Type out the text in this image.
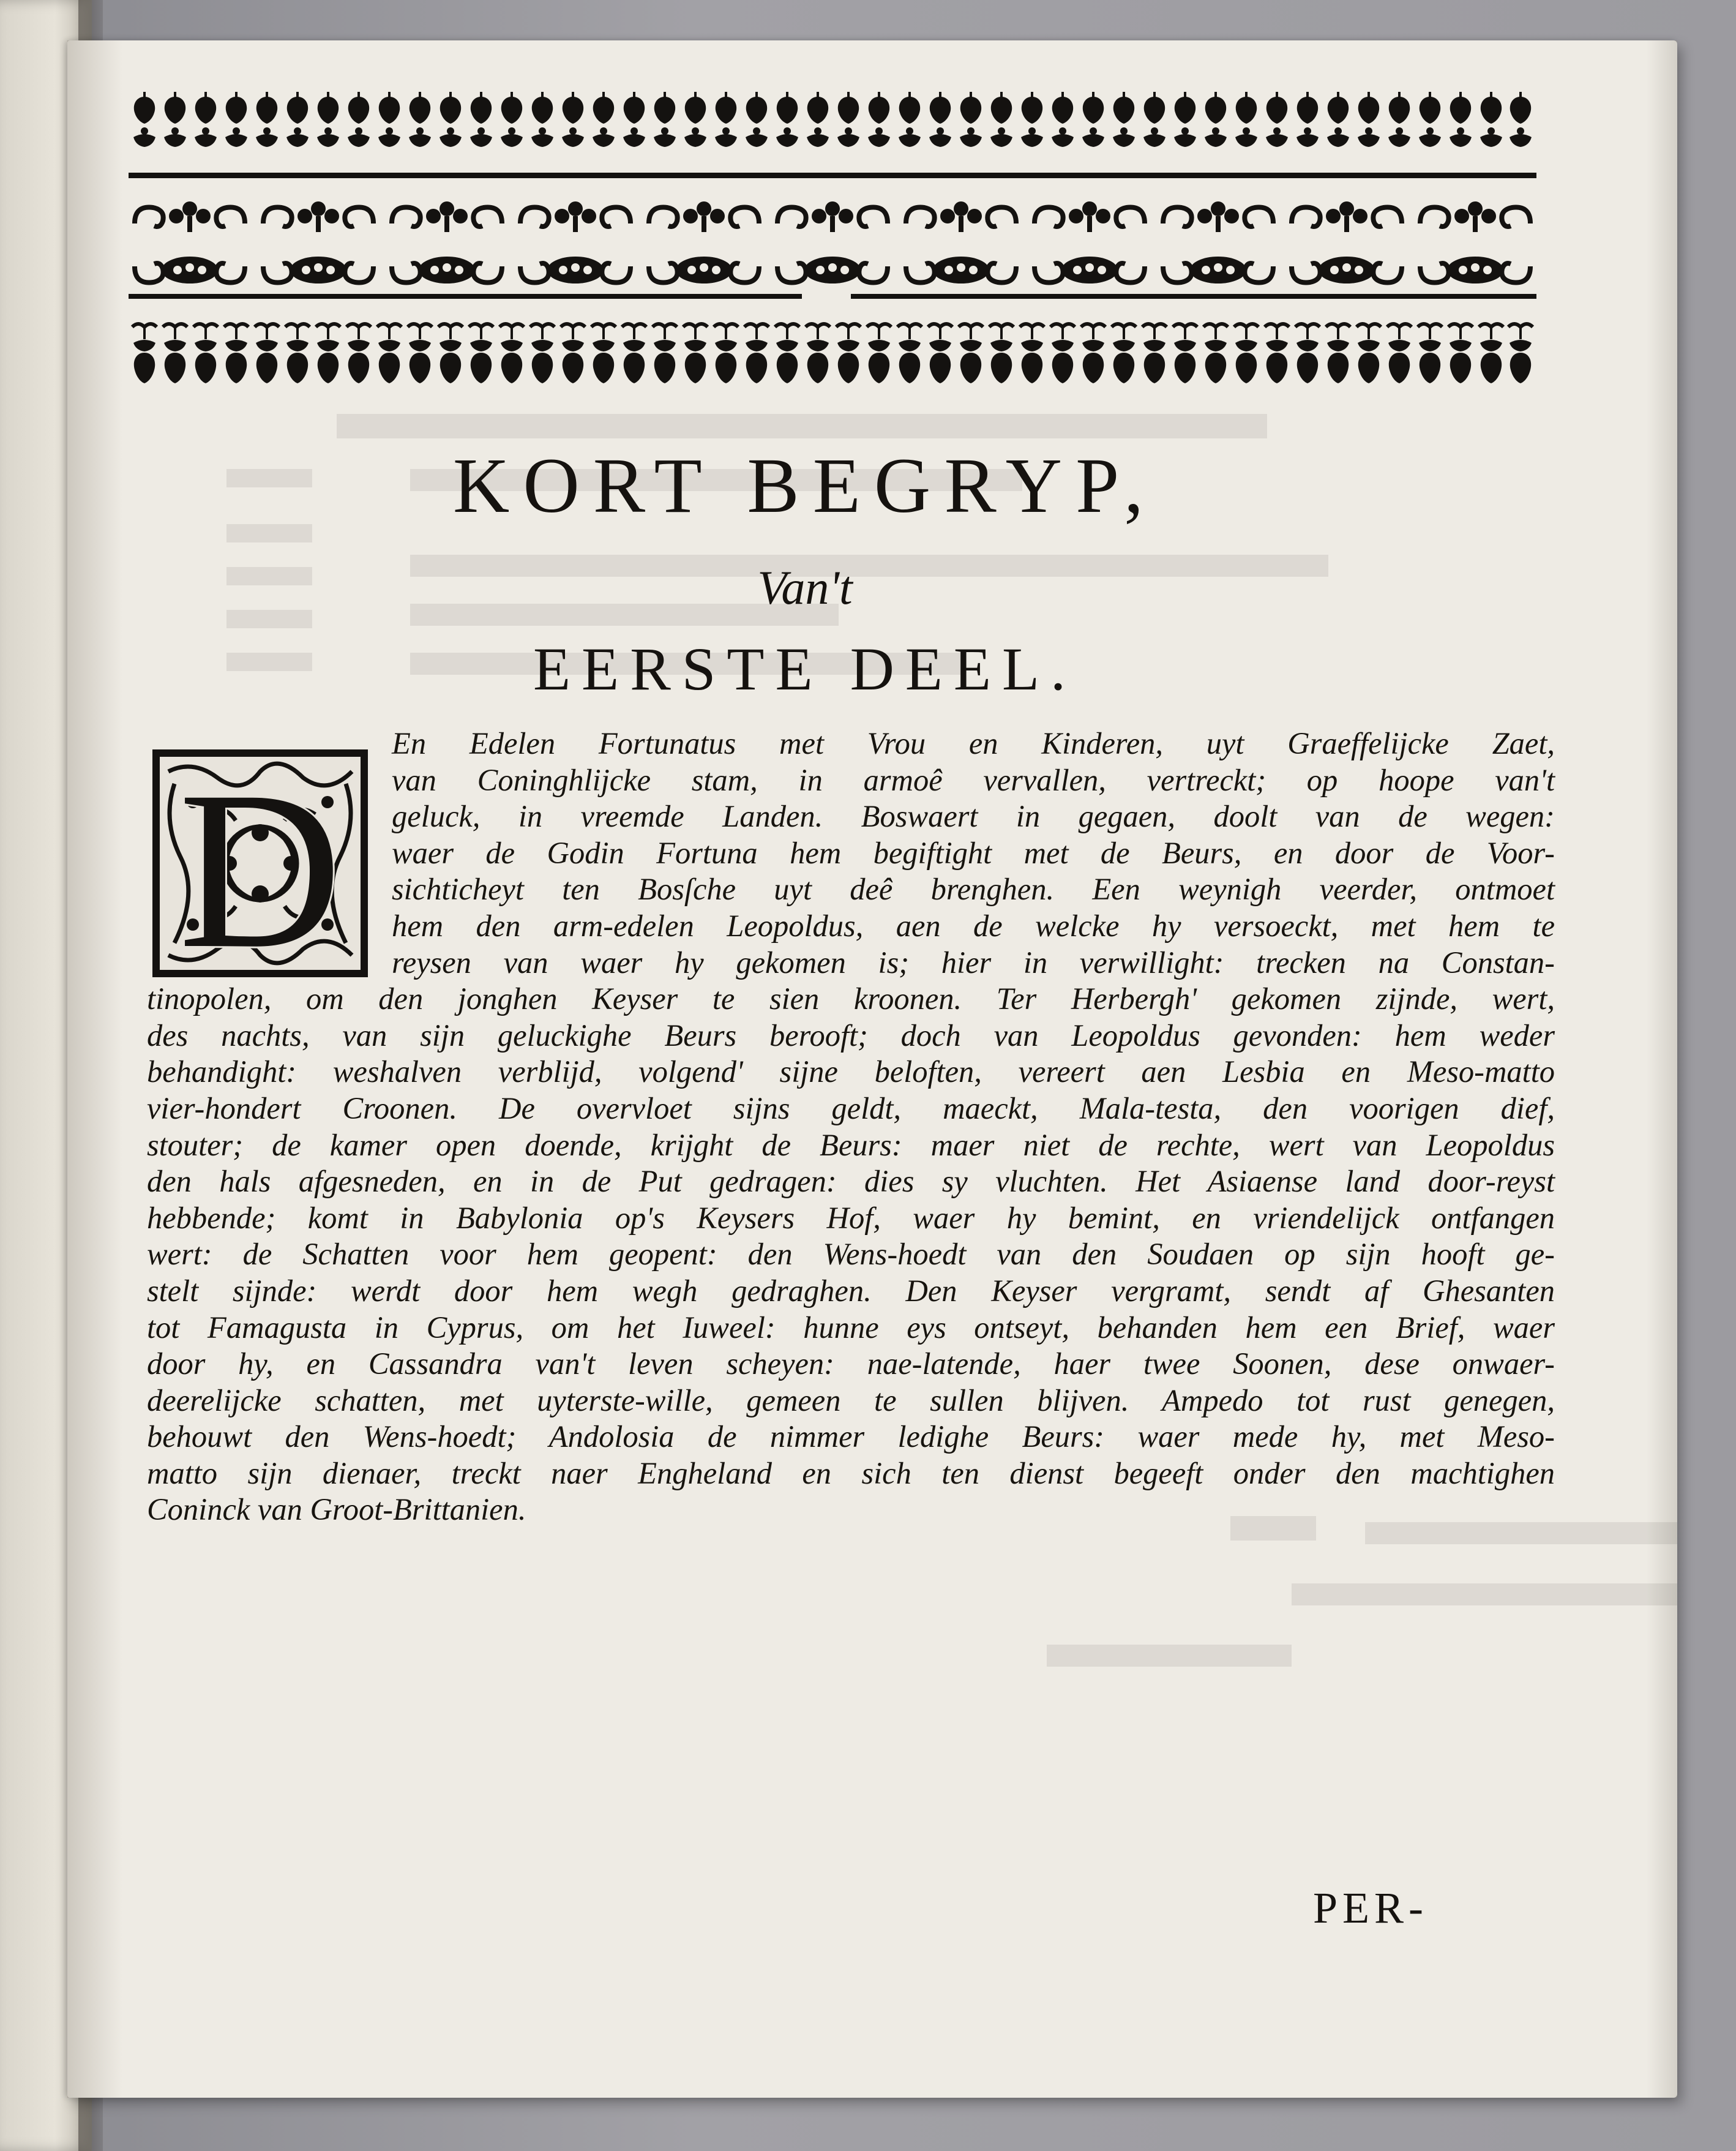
KORT BEGRYP,
Van't
EERSTE DEEL.
D
En Edelen Fortunatus met Vrou en Kinderen, uyt Graeffelijcke Zaet,
van Coninghlijcke stam, in armoê vervallen, vertreckt; op hoope van't
geluck, in vreemde Landen. Boswaert in gegaen, doolt van de wegen:
waer de Godin Fortuna hem begiftight met de Beurs, en door de Voor-
sichticheyt ten Bosſche uyt deê brenghen. Een weynigh veerder, ontmoet
hem den arm-edelen Leopoldus, aen de welcke hy versoeckt, met hem te
reysen van waer hy gekomen is; hier in verwillight: trecken na Constan-
tinopolen, om den jonghen Keyser te sien kroonen. Ter Herbergh' gekomen zijnde, wert,
des nachts, van sijn geluckighe Beurs berooft; doch van Leopoldus gevonden: hem weder
behandight: weshalven verblijd, volgend' sijne beloften, vereert aen Lesbia en Meso-matto
vier-hondert Croonen. De overvloet sijns geldt, maeckt, Mala-testa, den voorigen dief,
stouter; de kamer open doende, krijght de Beurs: maer niet de rechte, wert van Leopoldus
den hals afgesneden, en in de Put gedragen: dies sy vluchten. Het Asiaense land door-reyst
hebbende; komt in Babylonia op's Keysers Hof, waer hy bemint, en vriendelijck ontfangen
wert: de Schatten voor hem geopent: den Wens-hoedt van den Soudaen op sijn hooft ge-
stelt sijnde: werdt door hem wegh gedraghen. Den Keyser vergramt, sendt af Ghesanten
tot Famagusta in Cyprus, om het Iuweel: hunne eys ontseyt, behanden hem een Brief, waer
door hy, en Cassandra van't leven scheyen: nae-latende, haer twee Soonen, dese onwaer-
deerelijcke schatten, met uyterste-wille, gemeen te sullen blijven. Ampedo tot rust genegen,
behouwt den Wens-hoedt; Andolosia de nimmer ledighe Beurs: waer mede hy, met Meso-
matto sijn dienaer, treckt naer Engheland en sich ten dienst begeeft onder den machtighen
Coninck van Groot-Brittanien.
PER-
